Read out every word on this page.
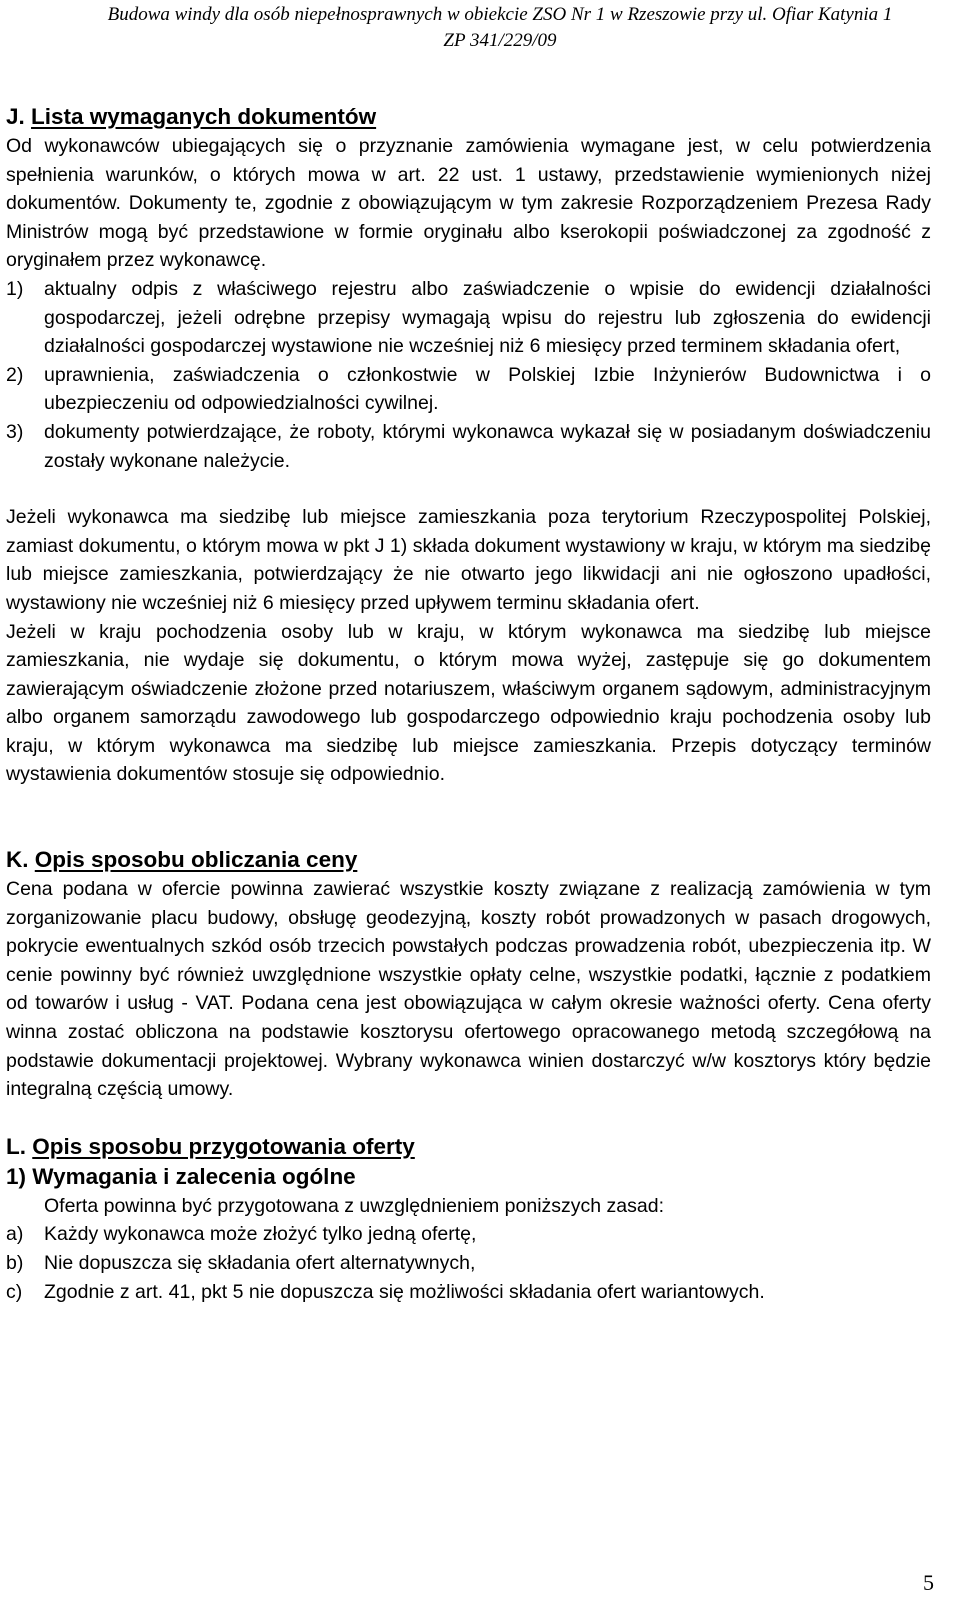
Budowa windy dla osób niepełnosprawnych w obiekcie ZSO Nr 1 w Rzeszowie przy ul. Ofiar Katynia 1
ZP 341/229/09
J. Lista wymaganych dokumentów
Od wykonawców ubiegających się o przyznanie zamówienia wymagane jest, w celu potwierdzenia spełnienia warunków, o których mowa w art. 22 ust. 1 ustawy, przedstawienie wymienionych niżej dokumentów. Dokumenty te, zgodnie z obowiązującym w tym zakresie Rozporządzeniem Prezesa Rady Ministrów mogą być przedstawione w formie oryginału albo kserokopii poświadczonej za zgodność z oryginałem przez wykonawcę.
1)	aktualny odpis z właściwego rejestru albo zaświadczenie o wpisie do ewidencji działalności gospodarczej, jeżeli odrębne przepisy wymagają wpisu do rejestru lub zgłoszenia do ewidencji działalności gospodarczej wystawione nie wcześniej niż 6 miesięcy przed terminem składania ofert,
2)	uprawnienia, zaświadczenia o członkostwie w Polskiej Izbie Inżynierów Budownictwa i o ubezpieczeniu od odpowiedzialności cywilnej.
3)	dokumenty potwierdzające, że roboty, którymi wykonawca wykazał się w posiadanym doświadczeniu zostały wykonane należycie.
Jeżeli wykonawca ma siedzibę lub miejsce zamieszkania poza terytorium Rzeczypospolitej Polskiej, zamiast dokumentu, o którym mowa w pkt J 1) składa dokument wystawiony w kraju, w którym ma siedzibę lub miejsce zamieszkania, potwierdzający że nie otwarto jego likwidacji ani nie ogłoszono upadłości, wystawiony nie wcześniej niż 6 miesięcy przed upływem terminu składania ofert.
Jeżeli w kraju pochodzenia osoby lub w kraju, w którym wykonawca ma siedzibę lub miejsce zamieszkania, nie wydaje się dokumentu, o którym mowa wyżej, zastępuje się go dokumentem zawierającym oświadczenie złożone przed notariuszem, właściwym organem sądowym, administracyjnym albo organem samorządu zawodowego lub gospodarczego odpowiednio kraju pochodzenia osoby lub kraju, w którym wykonawca ma siedzibę lub miejsce zamieszkania. Przepis dotyczący terminów wystawienia dokumentów stosuje się odpowiednio.
K. Opis sposobu obliczania ceny
Cena podana w ofercie powinna zawierać wszystkie koszty związane z realizacją zamówienia w tym zorganizowanie placu budowy, obsługę geodezyjną, koszty robót prowadzonych w pasach drogowych, pokrycie ewentualnych szkód osób trzecich powstałych podczas prowadzenia robót, ubezpieczenia itp. W cenie powinny być również uwzględnione wszystkie opłaty celne, wszystkie podatki, łącznie z podatkiem od towarów i usług - VAT. Podana cena jest obowiązująca w całym okresie ważności oferty. Cena oferty winna zostać obliczona na podstawie kosztorysu ofertowego opracowanego metodą szczegółową na podstawie dokumentacji projektowej. Wybrany wykonawca winien dostarczyć w/w kosztorys który będzie integralną częścią umowy.
L. Opis sposobu przygotowania oferty
1) Wymagania i zalecenia ogólne
Oferta powinna być przygotowana z uwzględnieniem poniższych zasad:
a)	Każdy wykonawca może złożyć tylko jedną ofertę,
b)	Nie dopuszcza się składania ofert alternatywnych,
c)	Zgodnie z art. 41, pkt 5 nie dopuszcza się możliwości składania ofert wariantowych.
5
